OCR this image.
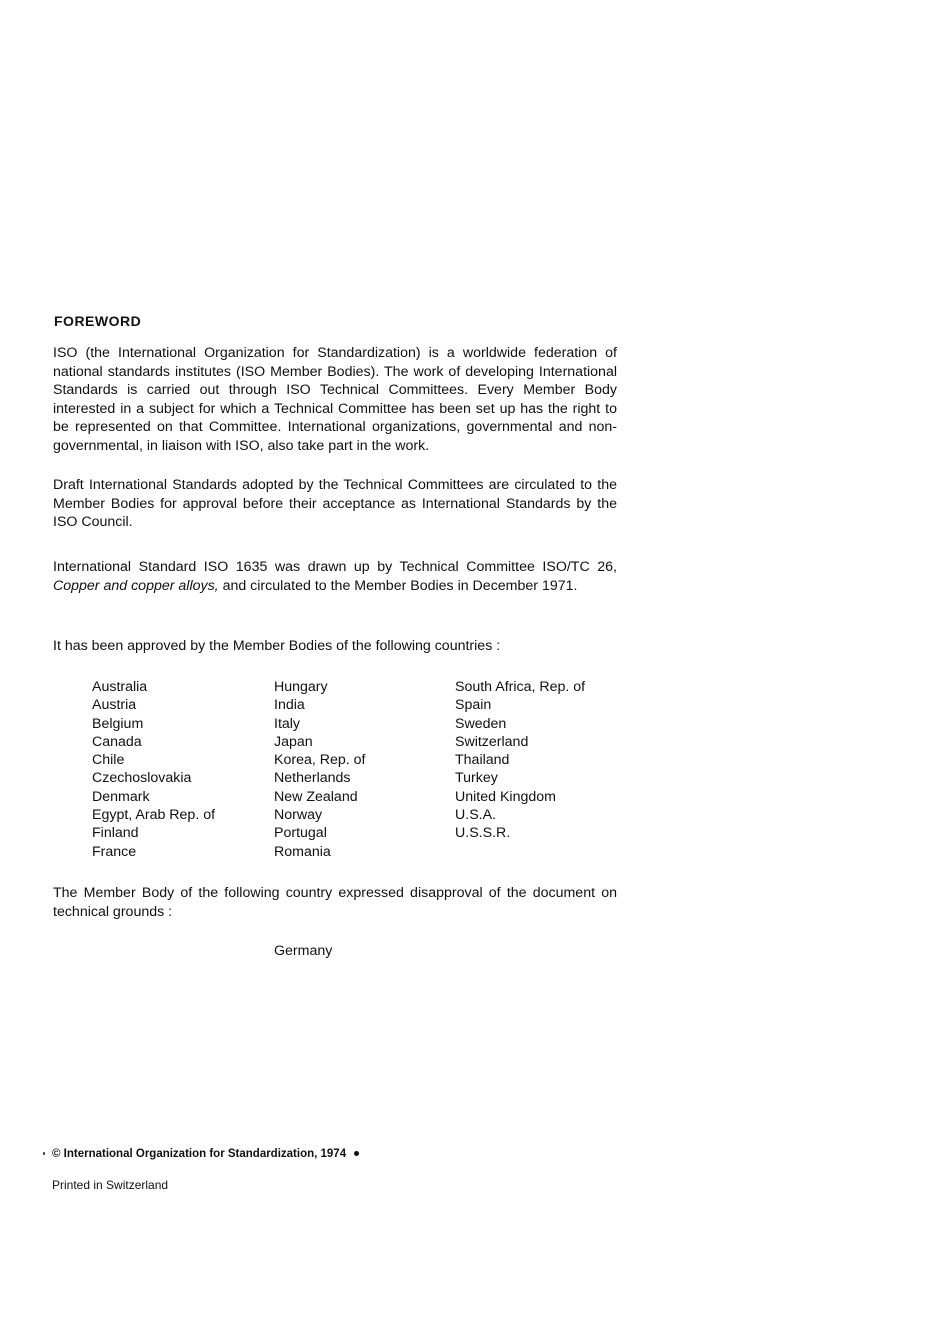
FOREWORD
ISO (the International Organization for Standardization) is a worldwide federation of national standards institutes (ISO Member Bodies). The work of developing International Standards is carried out through ISO Technical Committees. Every Member Body interested in a subject for which a Technical Committee has been set up has the right to be represented on that Committee. International organizations, governmental and non-governmental, in liaison with ISO, also take part in the work.
Draft International Standards adopted by the Technical Committees are circulated to the Member Bodies for approval before their acceptance as International Standards by the ISO Council.
International Standard ISO 1635 was drawn up by Technical Committee ISO/TC 26, Copper and copper alloys, and circulated to the Member Bodies in December 1971.
It has been approved by the Member Bodies of the following countries :
Australia
Austria
Belgium
Canada
Chile
Czechoslovakia
Denmark
Egypt, Arab Rep. of
Finland
France
Hungary
India
Italy
Japan
Korea, Rep. of
Netherlands
New Zealand
Norway
Portugal
Romania
South Africa, Rep. of
Spain
Sweden
Switzerland
Thailand
Turkey
United Kingdom
U.S.A.
U.S.S.R.
The Member Body of the following country expressed disapproval of the document on technical grounds :
Germany
© International Organization for Standardization, 1974
Printed in Switzerland
